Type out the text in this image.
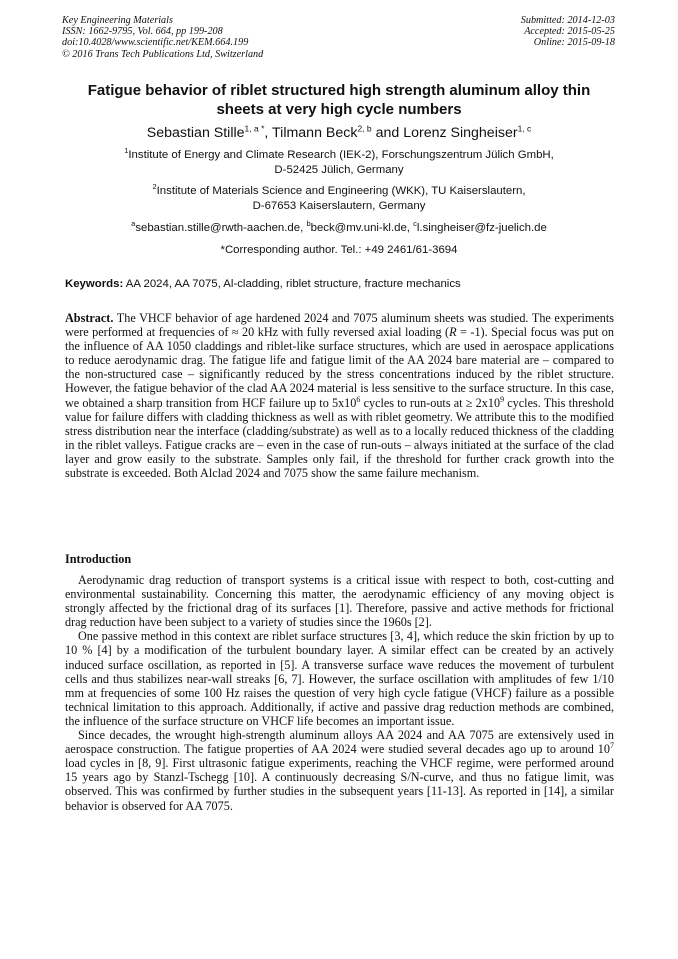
Key Engineering Materials
ISSN: 1662-9795, Vol. 664, pp 199-208
doi:10.4028/www.scientific.net/KEM.664.199
© 2016 Trans Tech Publications Ltd, Switzerland
Submitted: 2014-12-03
Accepted: 2015-05-25
Online: 2015-09-18
Fatigue behavior of riblet structured high strength aluminum alloy thin
sheets at very high cycle numbers
Sebastian Stille$^{1, a *}$, Tilmann Beck$^{2, b}$ and Lorenz Singheiser$^{1, c}$
$^1$Institute of Energy and Climate Research (IEK-2), Forschungszentrum Jülich GmbH,
D-52425 Jülich, Germany
$^2$Institute of Materials Science and Engineering (WKK), TU Kaiserslautern,
D-67653 Kaiserslautern, Germany
$^a$sebastian.stille@rwth-aachen.de, $^b$beck@mv.uni-kl.de, $^c$l.singheiser@fz-juelich.de
*Corresponding author. Tel.: +49 2461/61-3694
Keywords: AA 2024, AA 7075, Al-cladding, riblet structure, fracture mechanics
Abstract. The VHCF behavior of age hardened 2024 and 7075 aluminum sheets was studied. The experiments were performed at frequencies of ≈ 20 kHz with fully reversed axial loading (R = -1). Special focus was put on the influence of AA 1050 claddings and riblet-like surface structures, which are used in aerospace applications to reduce aerodynamic drag. The fatigue life and fatigue limit of the AA 2024 bare material are – compared to the non-structured case – significantly reduced by the stress concentrations induced by the riblet structure. However, the fatigue behavior of the clad AA 2024 material is less sensitive to the surface structure. In this case, we obtained a sharp transition from HCF failure up to $5x10^6$ cycles to run-outs at ≥ $2x10^9$ cycles. This threshold value for failure differs with cladding thickness as well as with riblet geometry. We attribute this to the modified stress distribution near the interface (cladding/substrate) as well as to a locally reduced thickness of the cladding in the riblet valleys. Fatigue cracks are – even in the case of run-outs – always initiated at the surface of the clad layer and grow easily to the substrate. Samples only fail, if the threshold for further crack growth into the substrate is exceeded. Both Alclad 2024 and 7075 show the same failure mechanism.
Introduction

Aerodynamic drag reduction of transport systems is a critical issue with respect to both, cost-cutting and environmental sustainability. Concerning this matter, the aerodynamic efficiency of any moving object is strongly affected by the frictional drag of its surfaces [1]. Therefore, passive and active methods for frictional drag reduction have been subject to a variety of studies since the 1960s [2].

One passive method in this context are riblet surface structures [3, 4], which reduce the skin friction by up to 10 % [4] by a modification of the turbulent boundary layer. A similar effect can be created by an actively induced surface oscillation, as reported in [5]. A transverse surface wave reduces the movement of turbulent cells and thus stabilizes near-wall streaks [6, 7]. However, the surface oscillation with amplitudes of few 1/10 mm at frequencies of some 100 Hz raises the question of very high cycle fatigue (VHCF) failure as a possible technical limitation to this approach. Additionally, if active and passive drag reduction methods are combined, the influence of the surface structure on VHCF life becomes an important issue.

Since decades, the wrought high-strength aluminum alloys AA 2024 and AA 7075 are extensively used in aerospace construction. The fatigue properties of AA 2024 were studied several decades ago up to around $10^7$ load cycles in [8, 9]. First ultrasonic fatigue experiments, reaching the VHCF regime, were performed around 15 years ago by Stanzl-Tschegg [10]. A continuously decreasing S/N-curve, and thus no fatigue limit, was observed. This was confirmed by further studies in the subsequent years [11-13]. As reported in [14], a similar behavior is observed for AA 7075.
